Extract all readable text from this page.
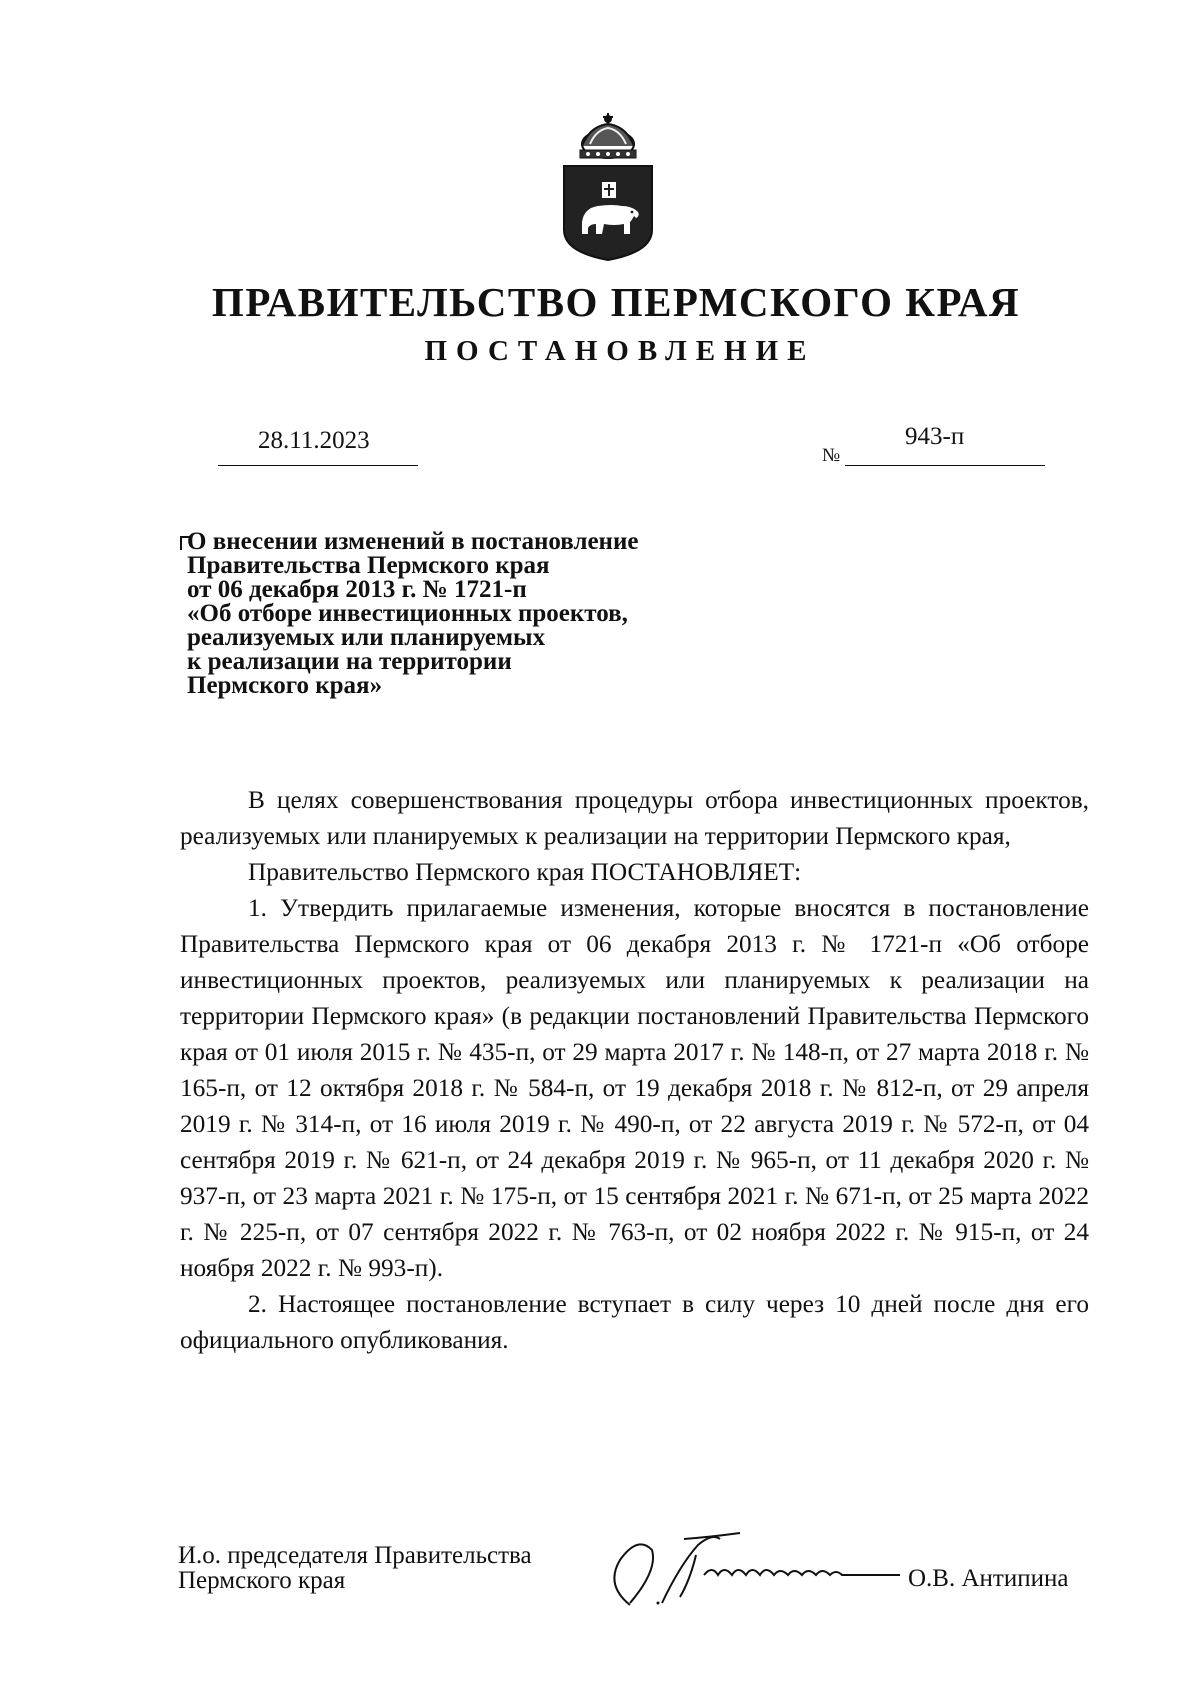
ПРАВИТЕЛЬСТВО ПЕРМСКОГО КРАЯ
ПОСТАНОВЛЕНИЕ
28.11.2023
№
943-п
О внесении изменений в постановление
Правительства Пермского края
от 06 декабря 2013 г. № 1721-п
«Об отборе инвестиционных проектов,
реализуемых или планируемых
к реализации на территории
Пермского края»

В целях совершенствования процедуры отбора инвестиционных проектов, реализуемых или планируемых к реализации на территории Пермского края,

Правительство Пермского края ПОСТАНОВЛЯЕТ:

1. Утвердить прилагаемые изменения, которые вносятся в постановление Правительства Пермского края от 06 декабря 2013 г. № 1721-п «Об отборе инвестиционных проектов, реализуемых или планируемых к реализации на территории Пермского края» (в редакции постановлений Правительства Пермского края от 01 июля 2015 г. № 435-п, от 29 марта 2017 г. № 148-п, от 27 марта 2018 г. № 165-п, от 12 октября 2018 г. № 584-п, от 19 декабря 2018 г. № 812-п, от 29 апреля 2019 г. № 314-п, от 16 июля 2019 г. № 490-п, от 22 августа 2019 г. № 572-п, от 04 сентября 2019 г. № 621-п, от 24 декабря 2019 г. № 965-п, от 11 декабря 2020 г. № 937-п, от 23 марта 2021 г. № 175-п, от 15 сентября 2021 г. № 671-п, от 25 марта 2022 г. № 225-п, от 07 сентября 2022 г. № 763-п, от 02 ноября 2022 г. № 915-п, от 24 ноября 2022 г. № 993-п).

2. Настоящее постановление вступает в силу через 10 дней после дня его официального опубликования.

И.о. председателя Правительства
Пермского края	О.В. Антипина
